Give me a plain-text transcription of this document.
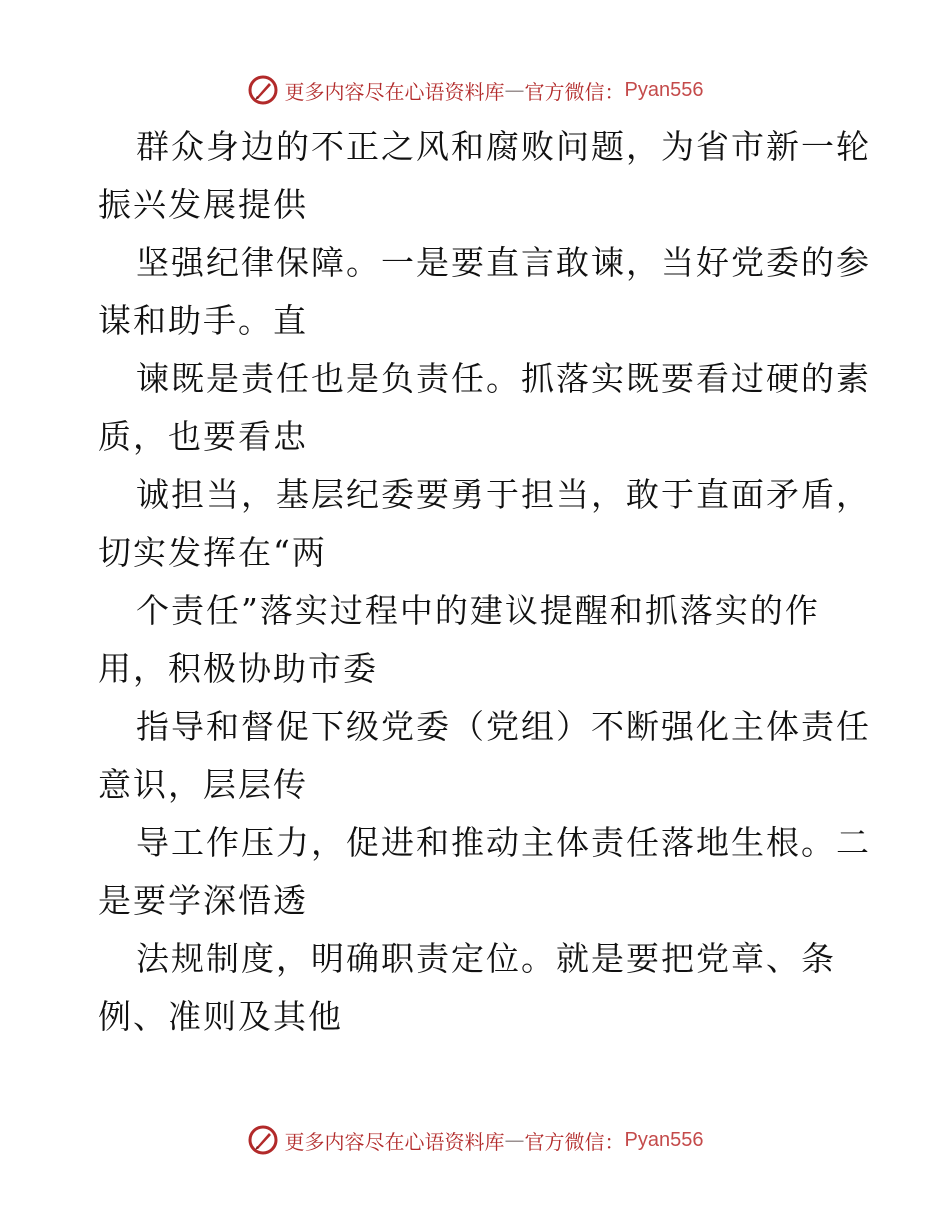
更多内容尽在心语资料库 — 官方微信： Pyan556
群众身边的不正之风和腐败问题，为省市新一轮
振兴发展提供
坚强纪律保障。一是要直言敢谏，当好党委的参
谋和助手。直
谏既是责任也是负责任。抓落实既要看过硬的素
质，也要看忠
诚担当，基层纪委要勇于担当，敢于直面矛盾，
切实发挥在“两
个责任”落实过程中的建议提醒和抓落实的作
用，积极协助市委
指导和督促下级党委（党组）不断强化主体责任
意识，层层传
导工作压力，促进和推动主体责任落地生根。二
是要学深悟透
法规制度，明确职责定位。就是要把党章、条
例、准则及其他
更多内容尽在心语资料库 — 官方微信： Pyan556
